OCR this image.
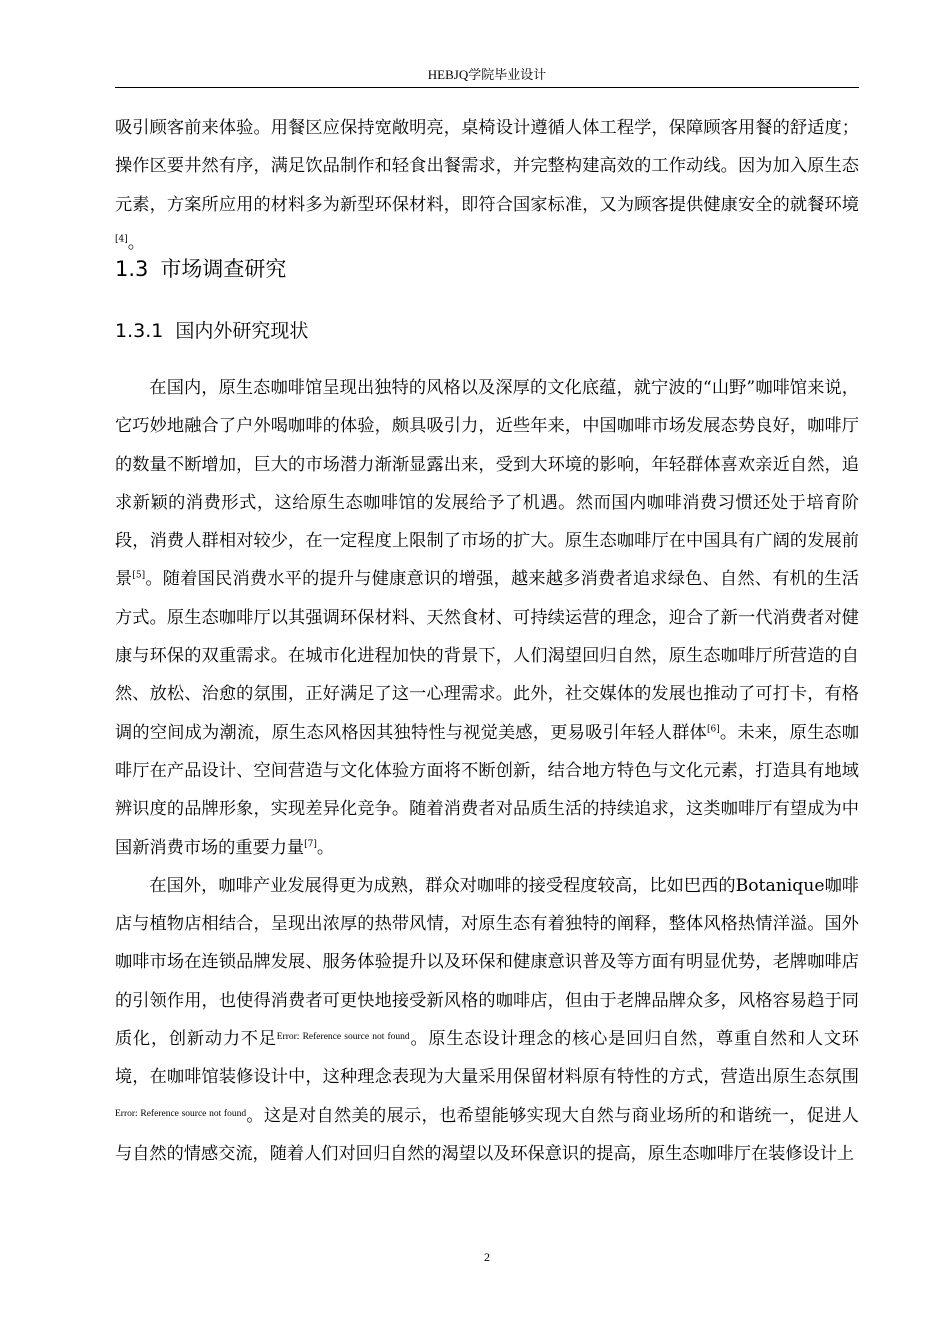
HEBJQ学院毕业设计

吸引顾客前来体验。用餐区应保持宽敞明亮，桌椅设计遵循人体工程学，保障顾客用餐的舒适度；操作区要井然有序，满足饮品制作和轻食出餐需求，并完整构建高效的工作动线。因为加入原生态元素，方案所应用的材料多为新型环保材料，即符合国家标准，又为顾客提供健康安全的就餐环境[4]。

1.3 市场调查研究
1.3.1 国内外研究现状

在国内，原生态咖啡馆呈现出独特的风格以及深厚的文化底蕴，就宁波的“山野”咖啡馆来说，它巧妙地融合了户外喝咖啡的体验，颇具吸引力，近些年来，中国咖啡市场发展态势良好，咖啡厅的数量不断增加，巨大的市场潜力渐渐显露出来，受到大环境的影响，年轻群体喜欢亲近自然，追求新颖的消费形式，这给原生态咖啡馆的发展给予了机遇。然而国内咖啡消费习惯还处于培育阶段，消费人群相对较少，在一定程度上限制了市场的扩大。原生态咖啡厅在中国具有广阔的发展前景[5]。随着国民消费水平的提升与健康意识的增强，越来越多消费者追求绿色、自然、有机的生活方式。原生态咖啡厅以其强调环保材料、天然食材、可持续运营的理念，迎合了新一代消费者对健康与环保的双重需求。在城市化进程加快的背景下，人们渴望回归自然，原生态咖啡厅所营造的自然、放松、治愈的氛围，正好满足了这一心理需求。此外，社交媒体的发展也推动了可打卡，有格调的空间成为潮流，原生态风格因其独特性与视觉美感，更易吸引年轻人群体[6]。未来，原生态咖啡厅在产品设计、空间营造与文化体验方面将不断创新，结合地方特色与文化元素，打造具有地域辨识度的品牌形象，实现差异化竞争。随着消费者对品质生活的持续追求，这类咖啡厅有望成为中国新消费市场的重要力量[7]。

在国外，咖啡产业发展得更为成熟，群众对咖啡的接受程度较高，比如巴西的Botanique咖啡店与植物店相结合，呈现出浓厚的热带风情，对原生态有着独特的阐释，整体风格热情洋溢。国外咖啡市场在连锁品牌发展、服务体验提升以及环保和健康意识普及等方面有明显优势，老牌咖啡店的引领作用，也使得消费者可更快地接受新风格的咖啡店，但由于老牌品牌众多，风格容易趋于同质化，创新动力不足$^{Error: Reference source not found}$。原生态设计理念的核心是回归自然，尊重自然和人文环境，在咖啡馆装修设计中，这种理念表现为大量采用保留材料原有特性的方式，营造出原生态氛围$^{Error: Reference source not found}$。这是对自然美的展示，也希望能够实现大自然与商业场所的和谐统一，促进人与自然的情感交流，随着人们对回归自然的渴望以及环保意识的提高，原生态咖啡厅在装修设计上

2
